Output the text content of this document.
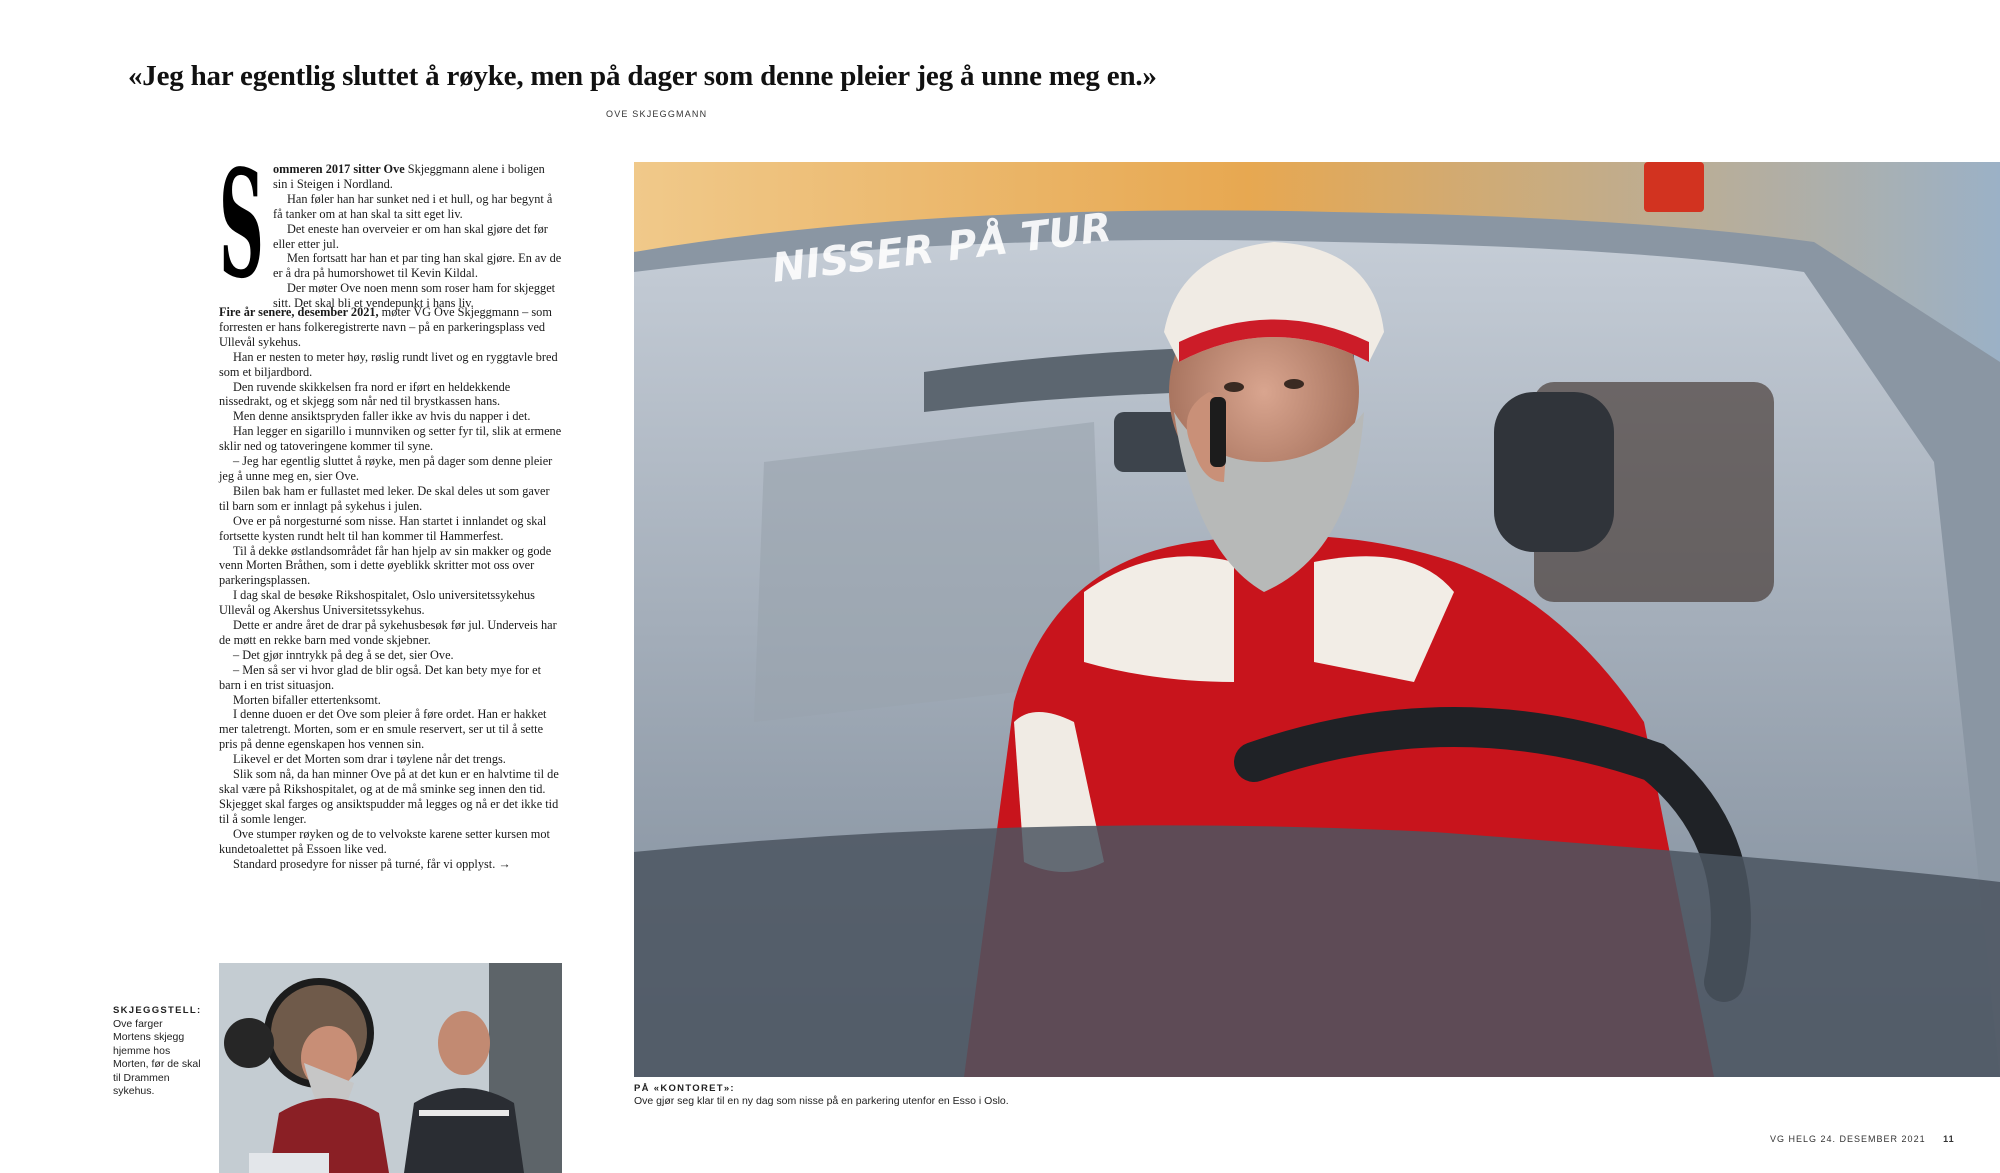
«Jeg har egentlig sluttet å røyke, men på dager som denne pleier jeg å unne meg en.»
OVE SKJEGGMANN
S ommeren 2017 sitter Ove Skjeggmann alene i boligen sin i Steigen i Nordland.

Han føler han har sunket ned i et hull, og har begynt å få tanker om at han skal ta sitt eget liv.

Det eneste han overveier er om han skal gjøre det før eller etter jul.

Men fortsatt har han et par ting han skal gjøre. En av de er å dra på humorshowet til Kevin Kildal.

Der møter Ove noen menn som roser ham for skjegget sitt. Det skal bli et vendepunkt i hans liv.

Fire år senere, desember 2021, møter VG Ove Skjeggmann – som forresten er hans folkeregistrerte navn – på en parkeringsplass ved Ullevål sykehus.

Han er nesten to meter høy, røslig rundt livet og en ryggtavle bred som et biljardbord.

Den ruvende skikkelsen fra nord er iført en heldekkende nissedrakt, og et skjegg som når ned til brystkassen hans.

Men denne ansiktspryden faller ikke av hvis du napper i det.

Han legger en sigarillo i munnviken og setter fyr til, slik at ermene sklir ned og tatoveringene kommer til syne.

– Jeg har egentlig sluttet å røyke, men på dager som denne pleier jeg å unne meg en, sier Ove.

Bilen bak ham er fullastet med leker. De skal deles ut som gaver til barn som er innlagt på sykehus i julen.

Ove er på norgesturné som nisse. Han startet i innlandet og skal fortsette kysten rundt helt til han kommer til Hammerfest.

Til å dekke østlandsområdet får han hjelp av sin makker og gode venn Morten Bråthen, som i dette øyeblikk skritter mot oss over parkeringsplassen.

I dag skal de besøke Rikshospitalet, Oslo universitetssykehus Ullevål og Akershus Universitetssykehus.

Dette er andre året de drar på sykehusbesøk før jul. Underveis har de møtt en rekke barn med vonde skjebner.

– Det gjør inntrykk på deg å se det, sier Ove.

– Men så ser vi hvor glad de blir også. Det kan bety mye for et barn i en trist situasjon.

Morten bifaller ettertenksomt.

I denne duoen er det Ove som pleier å føre ordet. Han er hakket mer taletrengt. Morten, som er en smule reservert, ser ut til å sette pris på denne egenskapen hos vennen sin.

Likevel er det Morten som drar i tøylene når det trengs.

Slik som nå, da han minner Ove på at det kun er en halvtime til de skal være på Rikshospitalet, og at de må sminke seg innen den tid. Skjegget skal farges og ansiktspudder må legges og nå er det ikke tid til å somle lenger.

Ove stumper røyken og de to velvokste karene setter kursen mot kundetoalettet på Essoen like ved.

Standard prosedyre for nisser på turné, får vi opplyst. →

NISSER PÅ TUR
PÅ «KONTORET»:
Ove gjør seg klar til en ny dag som nisse på en parkering utenfor en Esso i Oslo.
SKJEGGSTELL:
Ove farger Mortens skjegg hjemme hos Morten, før de skal til Drammen sykehus.
VG HELG 24. DESEMBER 2021 11
